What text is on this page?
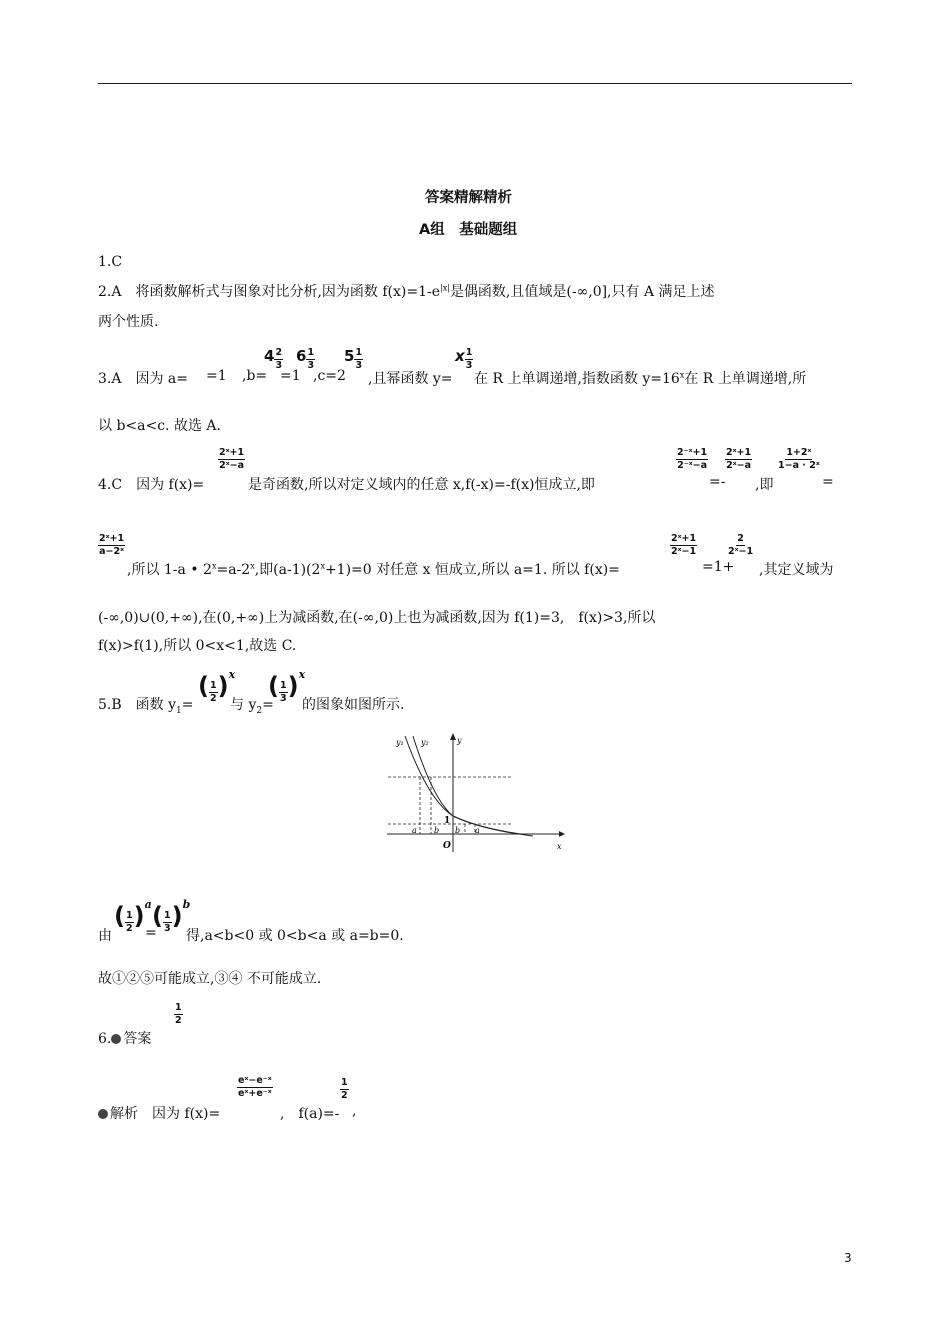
答案精解精析
A组　基础题组
1.C
2.A　将函数解析式与图象对比分析,因为函数 $f(x)=1-e^{|x|}$是偶函数,且值域是(-∞,0],只有 A 满足上述
两个性质.
3.A　因为 a= =1 ,b=
$4 \frac{2}{3} 6 \frac{1}{3}$
=1 ,c=2
$5 \frac{1}{3}$
,且幂函数 y=
x $\frac{1}{3}$
在 R 上单调递增,指数函数 $y=16^x$在 R 上单调递增,所
以 b<a<c. 故选 A.
4.C　因为 f(x)=
$\frac{\text{2ˣ+1}}{\text{2ˣ−a}}$
是奇函数,所以对定义域内的任意 x,f(-x)=-f(x)恒成立,即
$\frac{\text{2⁻ˣ+1}}{\text{2⁻ˣ−a}}$
=-
$\frac{\text{2ˣ+1}}{\text{2ˣ−a}}$
,即
$\frac{\text{1+2ˣ}}{\text{1−a · 2ˣ}}$
=
$\frac{\text{2ˣ+1}}{\text{a−2ˣ}}$
,所以 1-a • $2^x=a-2^x$,即$(a-1)(2^x+1)=0$ 对任意 x 恒成立,所以 a=1. 所以 f(x)=
$\frac{\text{2ˣ+1}}{\text{2ˣ−1}}$
=1+
$\frac{2}{\text{2ˣ−1}}$
,其定义域为
(-∞,0)∪(0,+∞),在(0,+∞)上为减函数,在(-∞,0)上也为减函数,因为 f(1)=3,　f(x)>3,所以
f(x)>f(1),所以 0<x<1,故选 C.
5.B　函数 $y_1=$
( $\frac{1}{2} )^x$
与 $y_2=$
( $\frac{1}{3} )^x$
的图象如图所示.
y₁ y₂	y
x
O
1
a b b a
由
( $\frac{1}{2} )^a$
=
( $\frac{1}{3} )^b$
得,a<b<0 或 0<b<a 或 a=b=0.
故①②⑤可能成立,③④ 不可能成立.
6. 答案
$\frac{1}{2}$
解析　因为 f(x)=
$\frac{\text{eˣ−e⁻ˣ}}{\text{eˣ+e⁻ˣ}}$
,　f(a)=-
$\frac{1}{2}$
,
3
